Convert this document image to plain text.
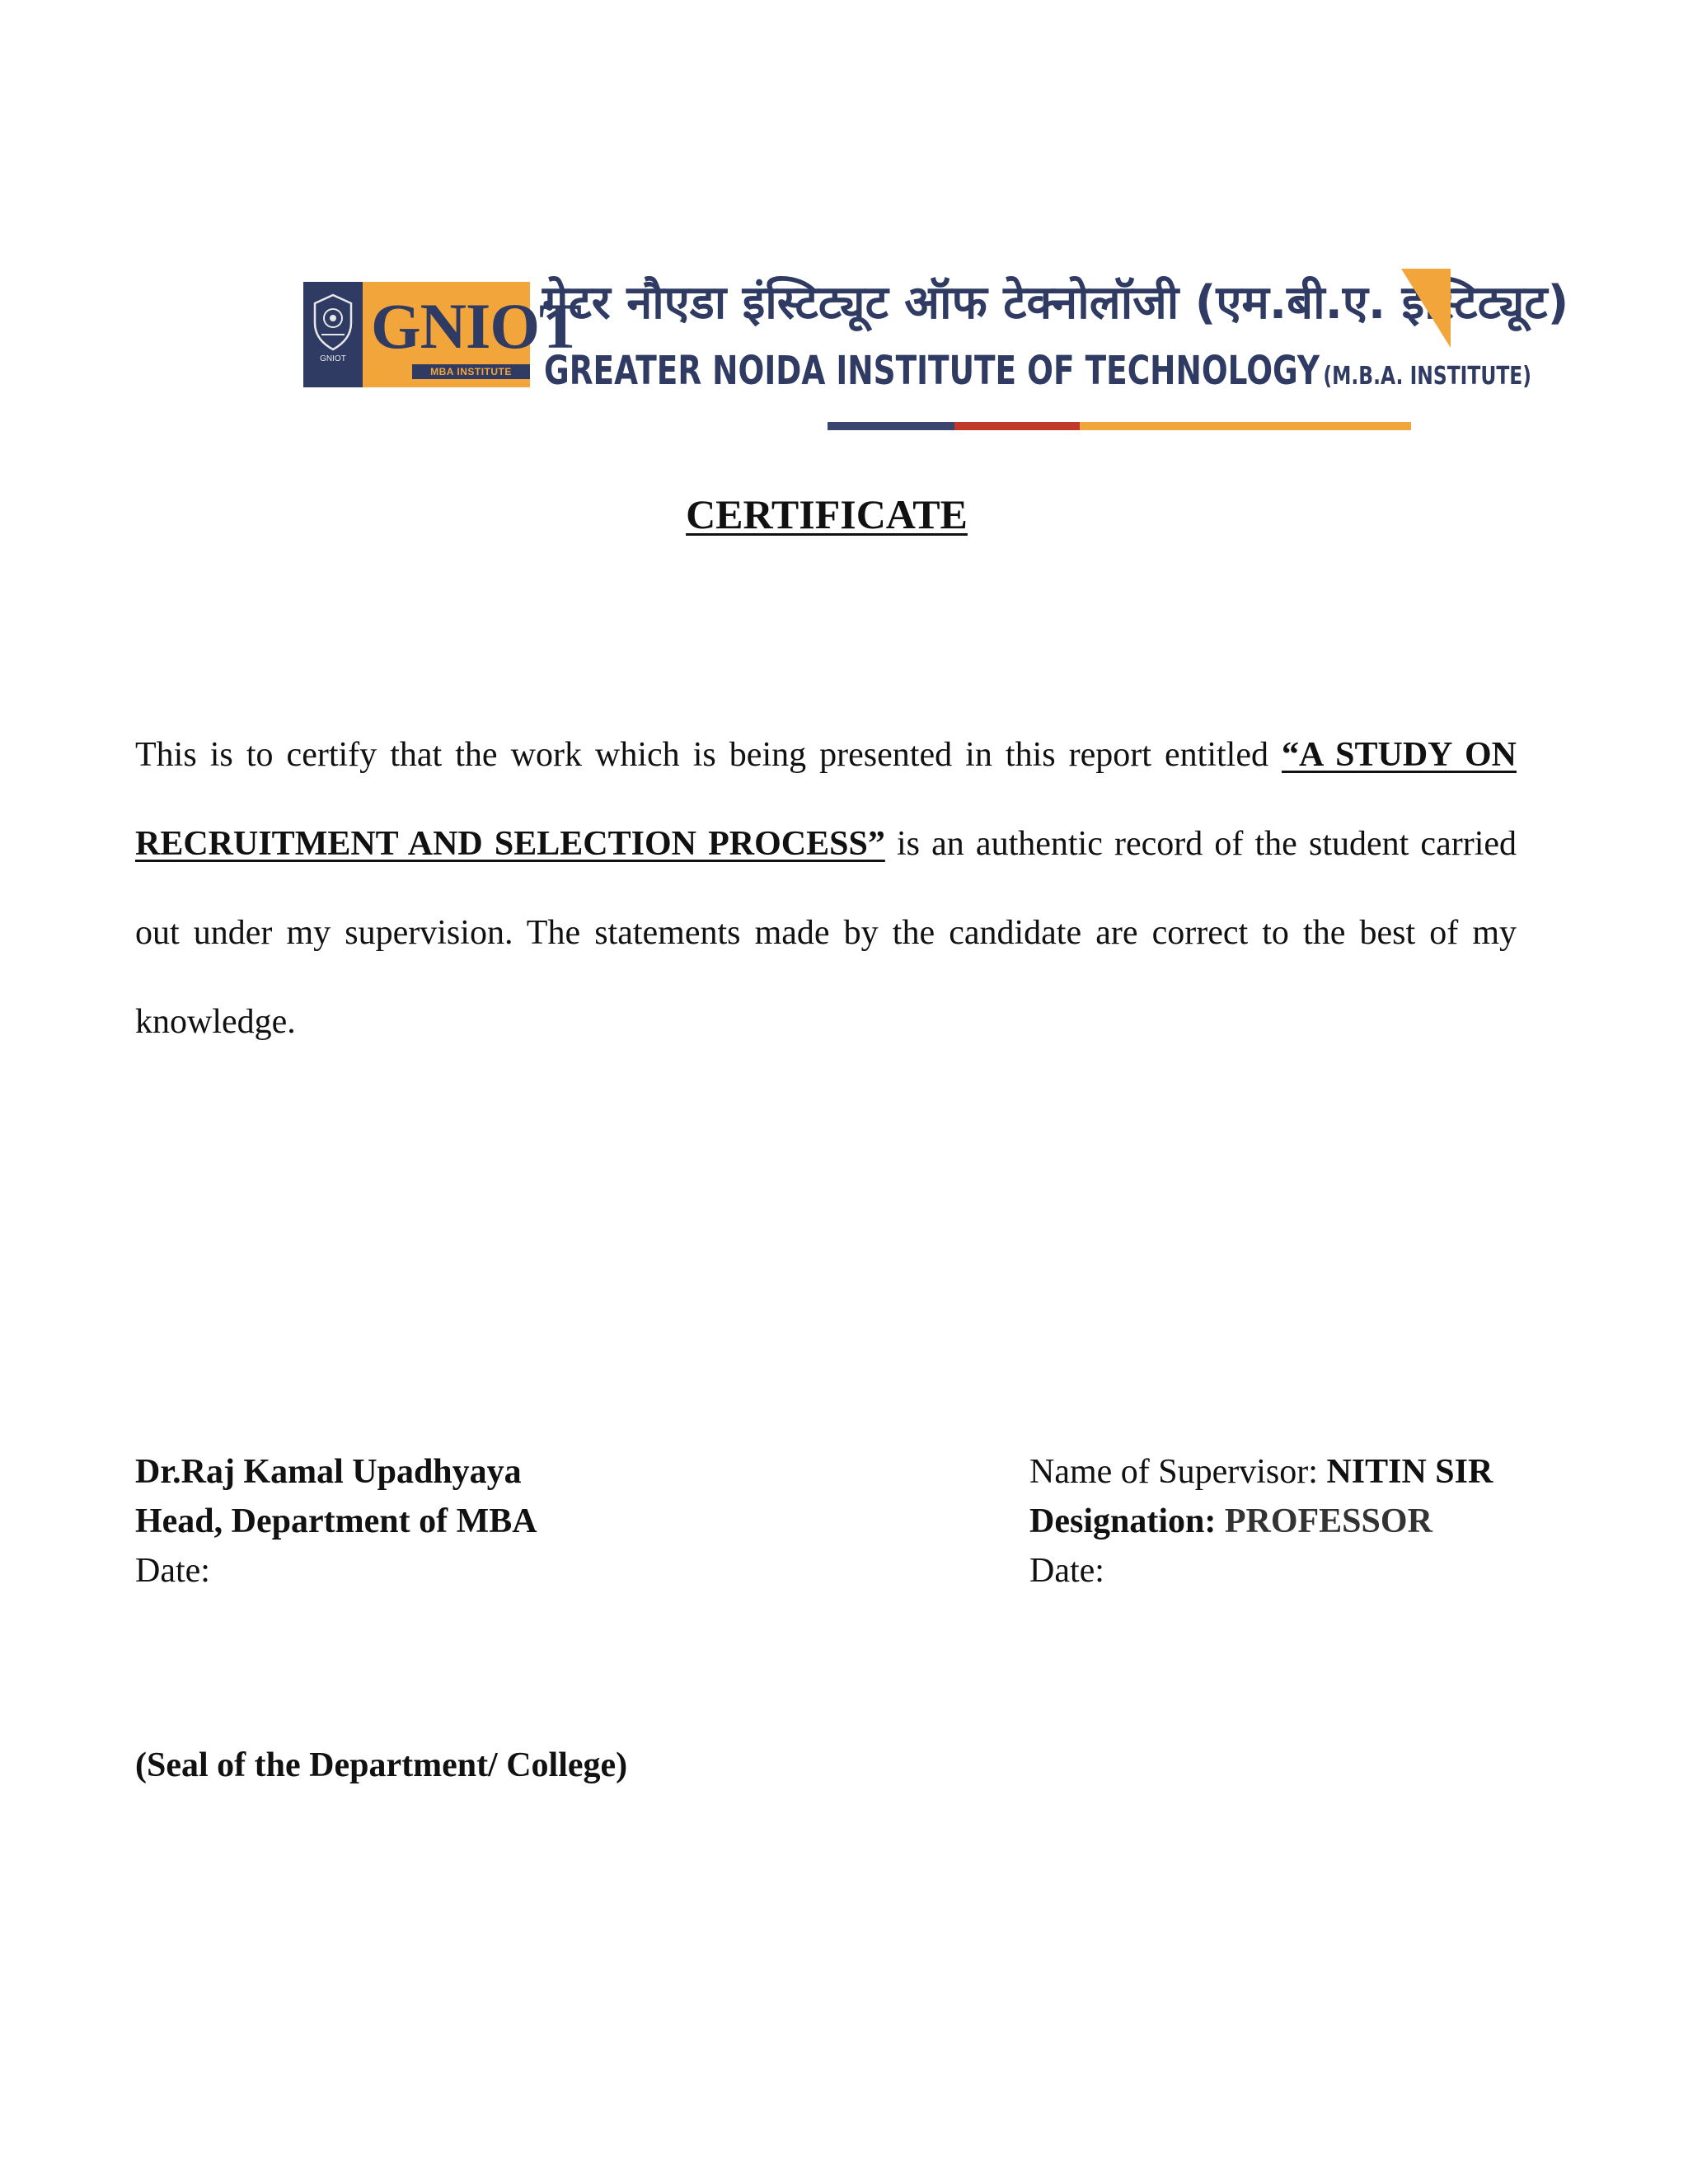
GNIOT GNIOT
MBA INSTITUTE
ग्रेटर नौएडा इंस्टिट्यूट ऑफ टेक्नोलॉजी (एम.बी.ए. इंस्टिट्यूट)
GREATER NOIDA INSTITUTE OF TECHNOLOGY (M.B.A. INSTITUTE)
CERTIFICATE
This is to certify that the work which is being presented in this report entitled “A STUDY ON RECRUITMENT AND SELECTION PROCESS” is an authentic record of the student carried out under my supervision. The statements made by the candidate are correct to the best of my knowledge.
Dr.Raj Kamal Upadhyaya
Head, Department of MBA
Date:
Name of Supervisor: NITIN SIR
Designation: PROFESSOR
Date:
(Seal of the Department/ College)
